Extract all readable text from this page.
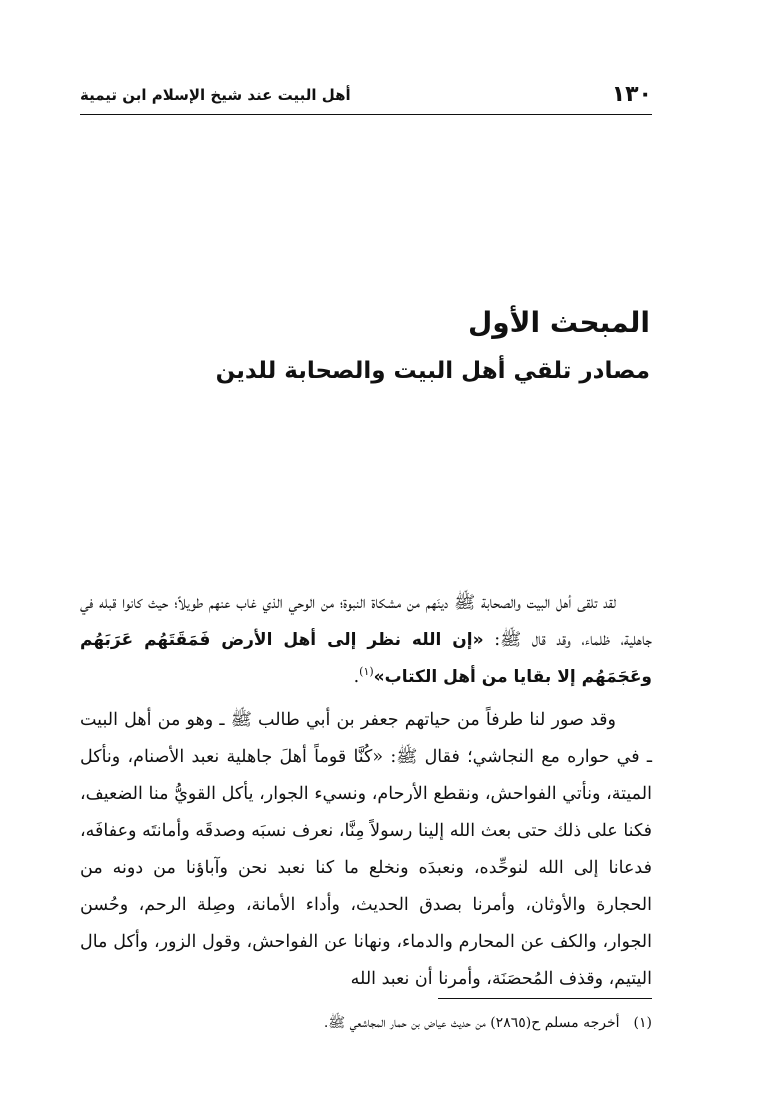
١٣٠
أهل البيت عند شيخ الإسلام ابن تيمية
المبحث الأول
مصادر تلقي أهل البيت والصحابة للدين

لقد تلقى أهل البيت والصحابة ﷺ دينَهم من مشكاة النبوة؛ من الوحي الذي غاب عنهم طويلاً؛ حيث كانوا قبله في جاهلية، ظلماء، وقد قال ﷺ: «إن الله نظر إلى أهل الأرض فَمَقَتَهُم عَرَبَهُم وعَجَمَهُم إلا بقايا من أهل الكتاب»$^{(١)}$.

وقد صور لنا طرفاً من حياتهم جعفر بن أبي طالب ﷺ ـ وهو من أهل البيت ـ في حواره مع النجاشي؛ فقال ﷺ: «كُنَّا قوماً أهلَ جاهلية نعبد الأصنام، ونأكل الميتة، ونأتي الفواحش، ونقطع الأرحام، ونسيء الجوار، يأكل القويُّ منا الضعيف، فكنا على ذلك حتى بعث الله إلينا رسولاً مِنَّا، نعرف نسبَه وصدقَه وأمانتَه وعفافَه، فدعانا إلى الله لنوحِّده، ونعبدَه ونخلع ما كنا نعبد نحن وآباؤنا من دونه من الحجارة والأوثان، وأمرنا بصدق الحديث، وأداء الأمانة، وصِلة الرحم، وحُسن الجوار، والكف عن المحارم والدماء، ونهانا عن الفواحش، وقول الزور، وأكل مال اليتيم، وقذف المُحصَنَة، وأمرنا أن نعبد الله

(١)أخرجه مسلم ح(٢٨٦٥) من حديث عياض بن حمار المجاشعي ﷺ.
